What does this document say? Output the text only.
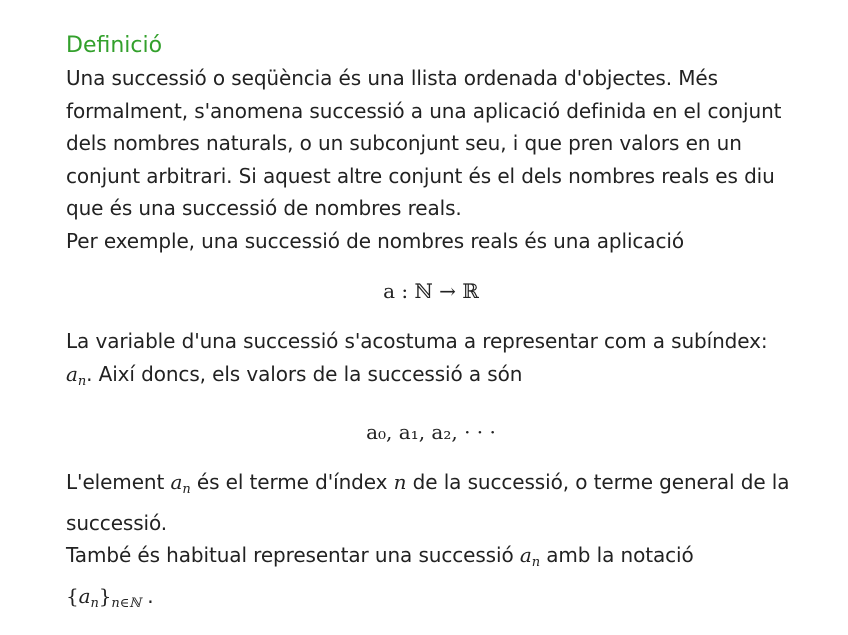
Definició

Una successió o seqüència és una llista ordenada d'objectes. Més formalment, s'anomena successió a una aplicació definida en el conjunt dels nombres naturals, o un subconjunt seu, i que pren valors en un conjunt arbitrari. Si aquest altre conjunt és el dels nombres reals es diu que és una successió de nombres reals.

Per exemple, una successió de nombres reals és una aplicació

a : ℕ → ℝ

La variable d'una successió s'acostuma a representar com a subíndex: $a_n$. Així doncs, els valors de la successió a són

a₀, a₁, a₂, · · ·

L'element $a_n$ és el terme d'índex n de la successió, o terme general de la successió.

També és habitual representar una successió $a_n$ amb la notació

$\{a_n\}_{n\in ℕ}$ .
